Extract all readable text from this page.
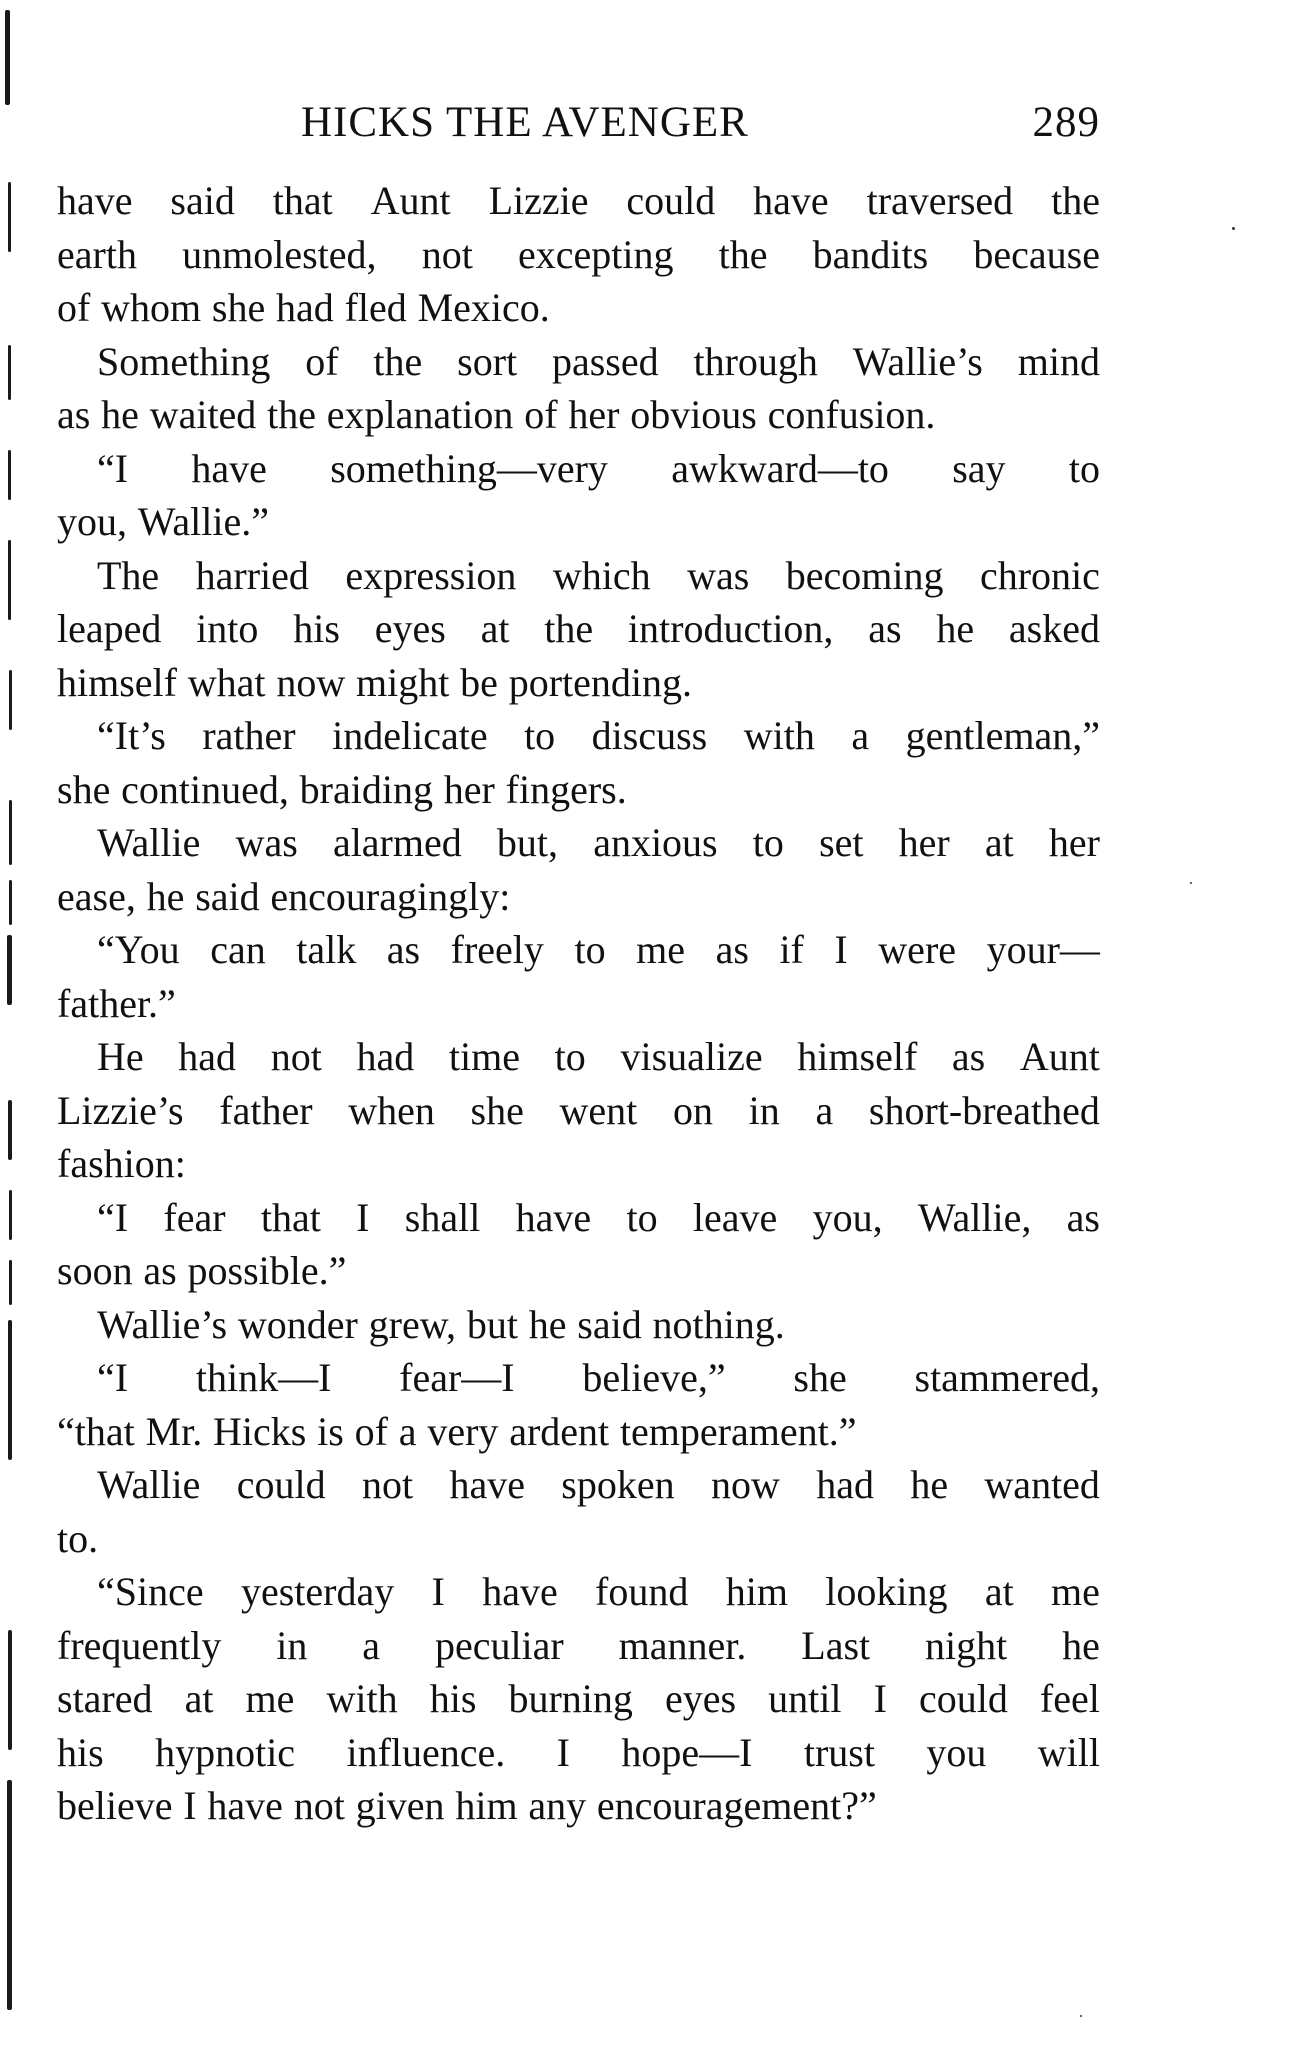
HICKS THE AVENGER	289
have said that Aunt Lizzie could have traversed the
earth unmolested, not excepting the bandits because
of whom she had fled Mexico.
Something of the sort passed through Wallie’s mind
as he waited the explanation of her obvious confusion.
“I have something—very awkward—to say to
you, Wallie.”
The harried expression which was becoming chronic
leaped into his eyes at the introduction, as he asked
himself what now might be portending.
“It’s rather indelicate to discuss with a gentleman,”
she continued, braiding her fingers.
Wallie was alarmed but, anxious to set her at her
ease, he said encouragingly:
“You can talk as freely to me as if I were your—
father.”
He had not had time to visualize himself as Aunt
Lizzie’s father when she went on in a short-breathed
fashion:
“I fear that I shall have to leave you, Wallie, as
soon as possible.”
Wallie’s wonder grew, but he said nothing.
“I think—I fear—I believe,” she stammered,
“that Mr. Hicks is of a very ardent temperament.”
Wallie could not have spoken now had he wanted
to.
“Since yesterday I have found him looking at me
frequently in a peculiar manner. Last night he
stared at me with his burning eyes until I could feel
his hypnotic influence. I hope—I trust you will
believe I have not given him any encouragement?”
